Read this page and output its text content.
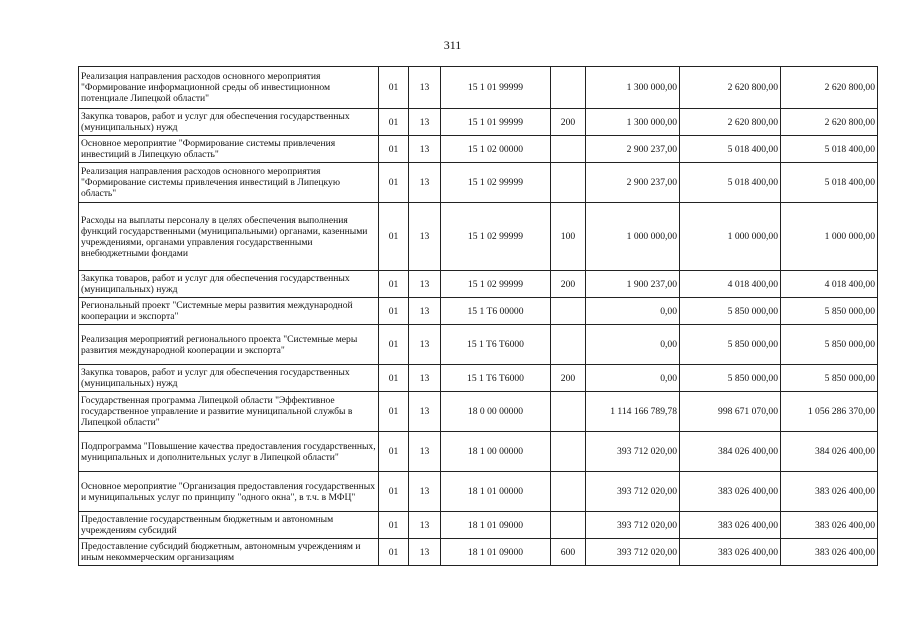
311
Реализация направления расходов основного мероприятия "Формирование информационной среды об инвестиционном потенциале Липецкой области"	01	13	15 1 01 99999		1 300 000,00	2 620 800,00	2 620 800,00
Закупка товаров, работ и услуг для обеспечения государственных (муниципальных) нужд	01	13	15 1 01 99999	200	1 300 000,00	2 620 800,00	2 620 800,00
Основное мероприятие "Формирование системы привлечения инвестиций в Липецкую область"	01	13	15 1 02 00000		2 900 237,00	5 018 400,00	5 018 400,00
Реализация направления расходов основного мероприятия "Формирование системы привлечения инвестиций в Липецкую область"	01	13	15 1 02 99999		2 900 237,00	5 018 400,00	5 018 400,00
Расходы на выплаты персоналу в целях обеспечения выполнения функций государственными (муниципальными) органами, казенными учреждениями, органами управления государственными внебюджетными фондами	01	13	15 1 02 99999	100	1 000 000,00	1 000 000,00	1 000 000,00
Закупка товаров, работ и услуг для обеспечения государственных (муниципальных) нужд	01	13	15 1 02 99999	200	1 900 237,00	4 018 400,00	4 018 400,00
Региональный проект "Системные меры развития международной кооперации и экспорта"	01	13	15 1 T6 00000		0,00	5 850 000,00	5 850 000,00
Реализация мероприятий регионального проекта "Системные меры развития международной кооперации и экспорта"	01	13	15 1 T6 T6000		0,00	5 850 000,00	5 850 000,00
Закупка товаров, работ и услуг для обеспечения государственных (муниципальных) нужд	01	13	15 1 T6 T6000	200	0,00	5 850 000,00	5 850 000,00
Государственная программа Липецкой области "Эффективное государственное управление и развитие муниципальной службы в Липецкой области"	01	13	18 0 00 00000		1 114 166 789,78	998 671 070,00	1 056 286 370,00
Подпрограмма "Повышение качества предоставления государственных, муниципальных и дополнительных услуг в Липецкой области"	01	13	18 1 00 00000		393 712 020,00	384 026 400,00	384 026 400,00
Основное мероприятие "Организация предоставления государственных и муниципальных услуг по принципу "одного окна", в т.ч. в МФЦ"	01	13	18 1 01 00000		393 712 020,00	383 026 400,00	383 026 400,00
Предоставление государственным бюджетным и автономным учреждениям субсидий	01	13	18 1 01 09000		393 712 020,00	383 026 400,00	383 026 400,00
Предоставление субсидий бюджетным, автономным учреждениям и иным некоммерческим организациям	01	13	18 1 01 09000	600	393 712 020,00	383 026 400,00	383 026 400,00
